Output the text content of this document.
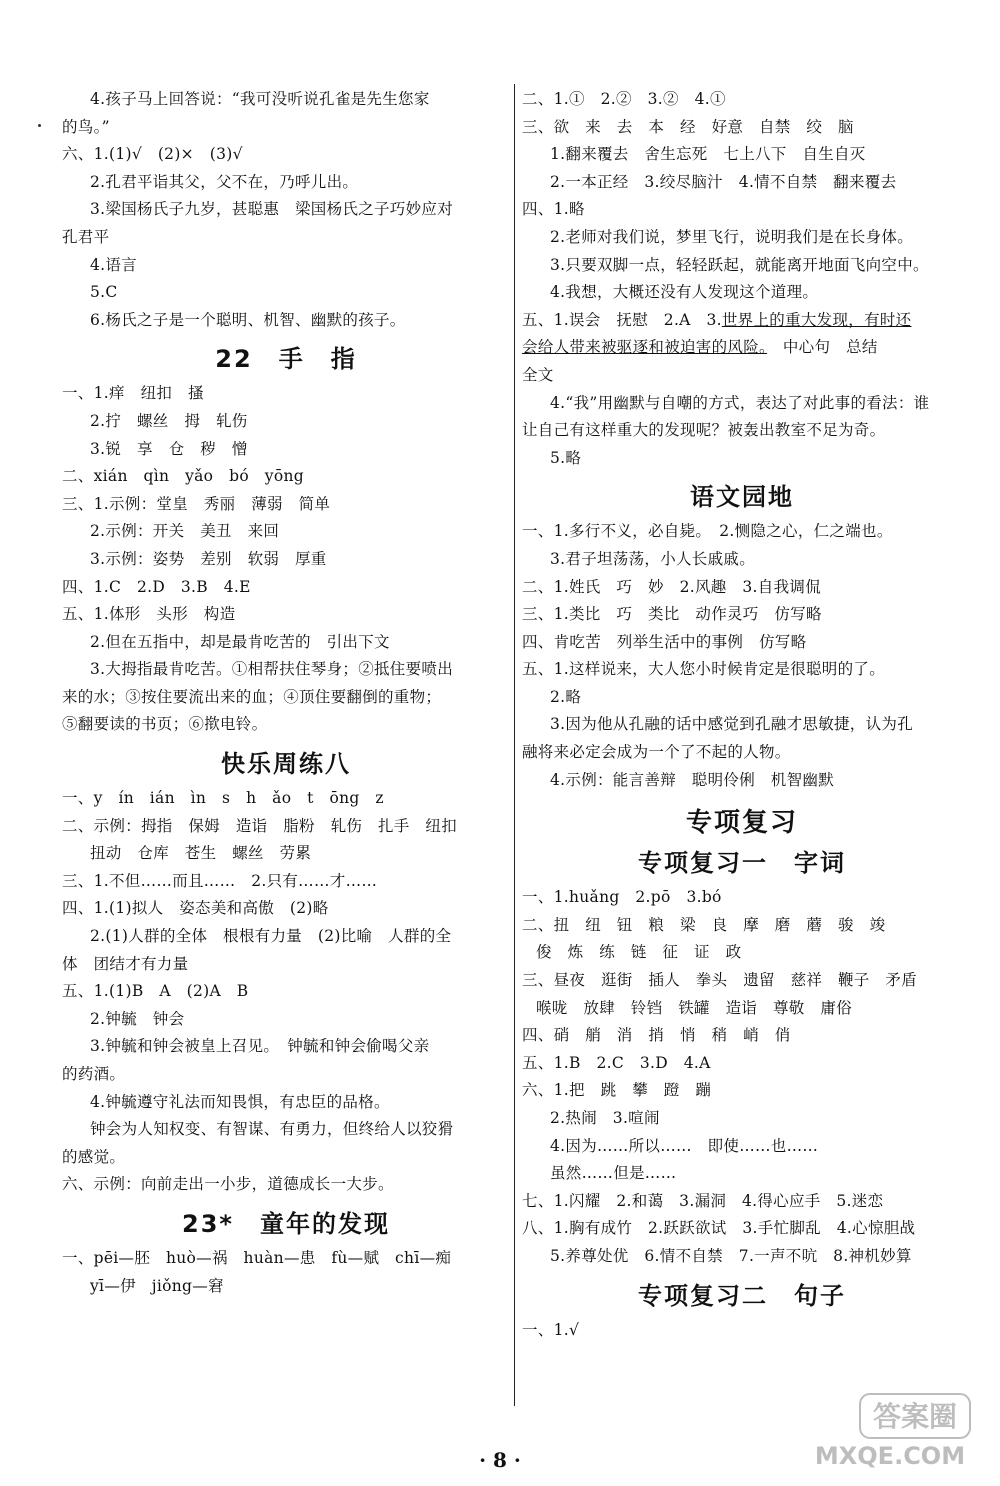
4.孩子马上回答说：“我可没听说孔雀是先生您家
的鸟。”
六、1.(1)√　(2)×　(3)√
2.孔君平诣其父，父不在，乃呼儿出。
3.梁国杨氏子九岁，甚聪惠　梁国杨氏之子巧妙应对
孔君平
4.语言
5.C
6.杨氏之子是一个聪明、机智、幽默的孩子。
22　手　指
一、1.痒　纽扣　搔
2.拧　螺丝　拇　轧伤
3.锐　享　仓　秽　憎
二、xián　qìn　yǎo　bó　yōng
三、1.示例：堂皇　秀丽　薄弱　简单
2.示例：开关　美丑　来回
3.示例：姿势　差别　软弱　厚重
四、1.C　2.D　3.B　4.E
五、1.体形　头形　构造
2.但在五指中，却是最肯吃苦的　引出下文
3.大拇指最肯吃苦。①相帮扶住琴身；②抵住要喷出
来的水；③按住要流出来的血；④顶住要翻倒的重物；
⑤翻要读的书页；⑥揿电铃。
快乐周练八
一、y　ín　ián　ìn　s　h　ǎo　t　ōng　z
二、示例：拇指　保姆　造诣　脂粉　轧伤　扎手　纽扣
扭动　仓库　苍生　螺丝　劳累
三、1.不但……而且……　2.只有……才……
四、1.(1)拟人　姿态美和高傲　(2)略
2.(1)人群的全体　根根有力量　(2)比喻　人群的全
体　团结才有力量
五、1.(1)B　A　(2)A　B
2.钟毓　钟会
3.钟毓和钟会被皇上召见。　钟毓和钟会偷喝父亲
的药酒。
4.钟毓遵守礼法而知畏惧，有忠臣的品格。
钟会为人知权变、有智谋、有勇力，但终给人以狡猾
的感觉。
六、示例：向前走出一小步，道德成长一大步。
23*　童年的发现
一、pēi—胚　huò—祸　huàn—患　fù—赋　chī—痴
yī—伊　jiǒng—窘
二、1.①　2.②　3.②　4.①
三、欲　来　去　本　经　好意　自禁　绞　脑
1.翻来覆去　舍生忘死　七上八下　自生自灭
2.一本正经　3.绞尽脑汁　4.情不自禁　翻来覆去
四、1.略
2.老师对我们说，梦里飞行，说明我们是在长身体。
3.只要双脚一点，轻轻跃起，就能离开地面飞向空中。
4.我想，大概还没有人发现这个道理。
五、1.误会　抚慰　2.A　3.世界上的重大发现，有时还
会给人带来被驱逐和被迫害的风险。　中心句　总结
全文
4.“我”用幽默与自嘲的方式，表达了对此事的看法：谁
让自己有这样重大的发现呢？被轰出教室不足为奇。
5.略
语文园地
一、1.多行不义，必自毙。　2.恻隐之心，仁之端也。
3.君子坦荡荡，小人长戚戚。
二、1.姓氏　巧　妙　2.风趣　3.自我调侃
三、1.类比　巧　类比　动作灵巧　仿写略
四、肯吃苦　列举生活中的事例　仿写略
五、1.这样说来，大人您小时候肯定是很聪明的了。
2.略
3.因为他从孔融的话中感觉到孔融才思敏捷，认为孔
融将来必定会成为一个了不起的人物。
4.示例：能言善辩　聪明伶俐　机智幽默
专项复习
专项复习一　字词
一、1.huǎng　2.pō　3.bó
二、扭　纽　钮　粮　梁　良　摩　磨　蘑　骏　竣
俊　炼　练　链　征　证　政
三、昼夜　逛街　插人　拳头　遗留　慈祥　鞭子　矛盾
喉咙　放肆　铃铛　铁罐　造诣　尊敬　庸俗
四、硝　艄　消　捎　悄　稍　峭　俏
五、1.B　2.C　3.D　4.A
六、1.把　跳　攀　蹬　蹦
2.热闹　3.喧闹
4.因为……所以……　即使……也……
虽然……但是……
七、1.闪耀　2.和蔼　3.漏洞　4.得心应手　5.迷恋
八、1.胸有成竹　2.跃跃欲试　3.手忙脚乱　4.心惊胆战
5.养尊处优　6.情不自禁　7.一声不吭　8.神机妙算
专项复习二　句子
一、1.√
· 8 ·
答案圈
MXQE.COM
